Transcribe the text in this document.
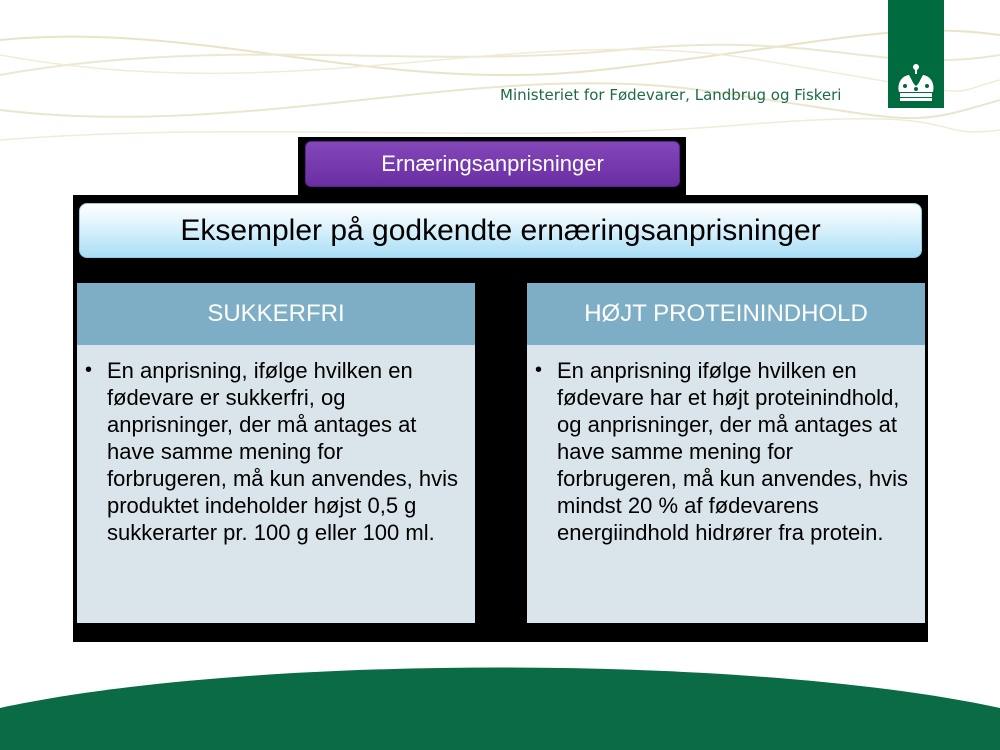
Ministeriet for Fødevarer, Landbrug og Fiskeri
Ernæringsanprisninger
Eksempler på godkendte ernæringsanprisninger
SUKKERFRI

• En anprisning, ifølge hvilken en fødevare er sukkerfri, og anprisninger, der må antages at have samme mening for forbrugeren, må kun anvendes, hvis produktet indeholder højst 0,5 g sukkerarter pr. 100 g eller 100 ml.

HØJT PROTEININDHOLD

• En anprisning ifølge hvilken en fødevare har et højt proteinindhold, og anprisninger, der må antages at have samme mening for forbrugeren, må kun anvendes, hvis mindst 20 % af fødevarens energiindhold hidrører fra protein.
